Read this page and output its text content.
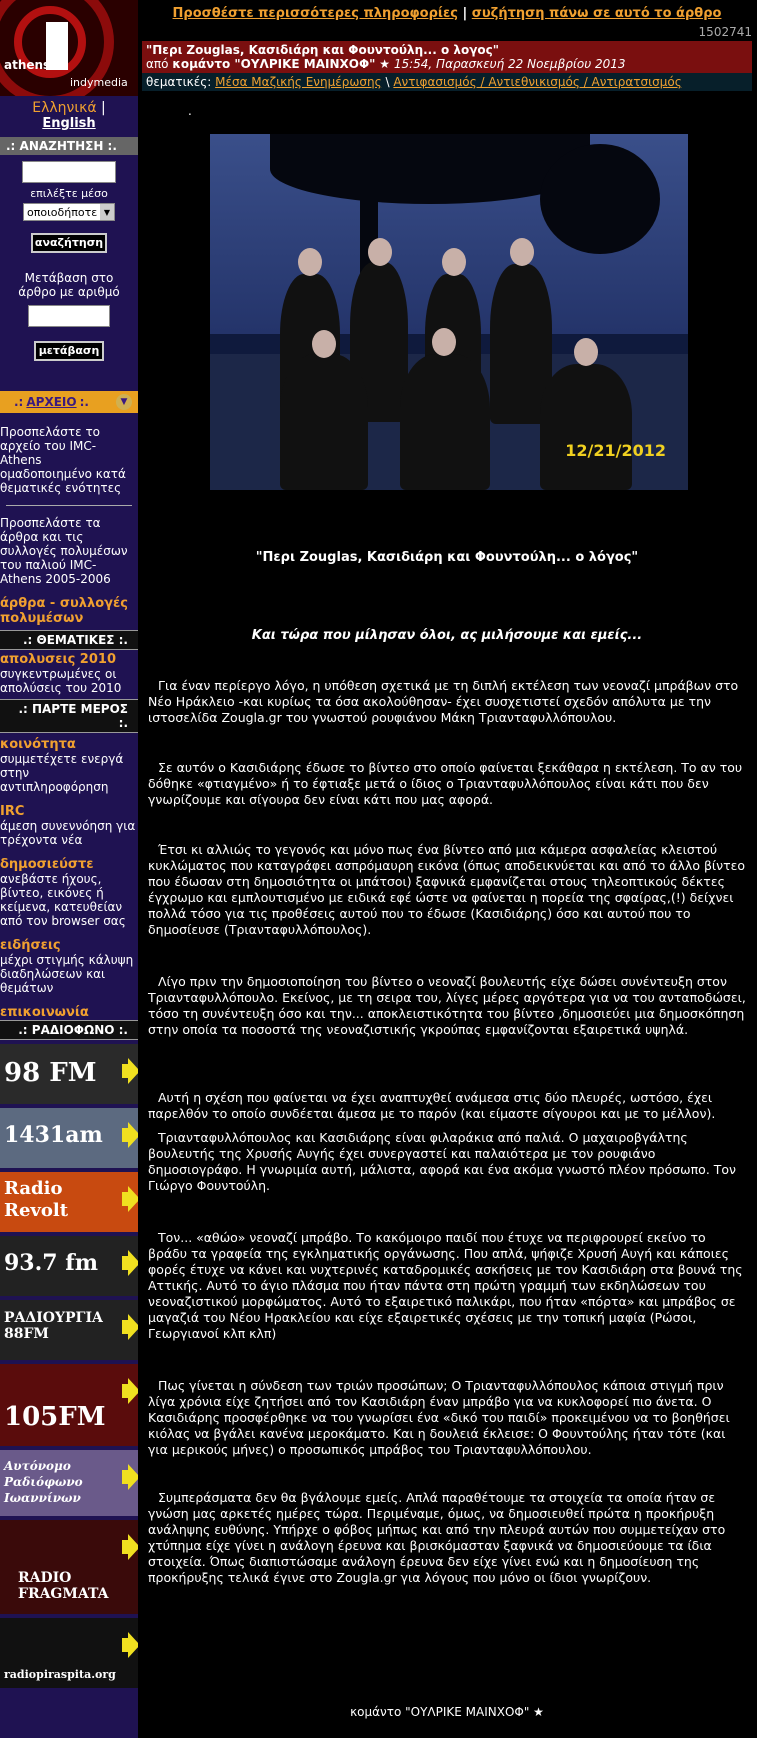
athens
indymedia
Ελληνικά |
English
.: ΑΝΑΖΗΤΗΣΗ :.
επιλέξτε μέσο
οποιοδήποτε ▼
αναζήτηση
Μετάβαση στο άρθρο με αριθμό
μετάβαση
.: ΑΡΧΕΙΟ :.	▼
Προσπελάστε το αρχείο του IMC-Athens ομαδοποιημένο κατά θεματικές ενότητες
Προσπελάστε τα άρθρα και τις συλλογές πολυμέσων του παλιού IMC-Athens 2005-2006
άρθρα - συλλογές πολυμέσων
.: ΘΕΜΑΤΙΚΕΣ :.
απολυσεις 2010
συγκεντρωμένες οι απολύσεις του 2010
.: ΠΑΡΤΕ ΜΕΡΟΣ :.
κοινότητα
συμμετέχετε ενεργά στην αντιπληροφόρηση
IRC
άμεση συνεννόηση για τρέχοντα νέα
δημοσιεύστε
ανεβάστε ήχους, βίντεο, εικόνες ή κείμενα, κατευθείαν από τον browser σας
ειδήσεις
μέχρι στιγμής κάλυψη διαδηλώσεων και θεμάτων
επικοινωνία
.: ΡΑΔΙΟΦΩΝΟ :.
98 FM
1431am
Radio Revolt
93.7 fm
ΡΑΔΙΟΥΡΓΙΑ 88FM
105FM
Αυτόνομο Ραδιόφωνο Ιωαννίνων
RADIO FRAGMATA
radiopiraspita.org
Προσθέστε περισσότερες πληροφορίες | συζήτηση πάνω σε αυτό το άρθρο
1502741
"Περι Zouglas, Κασιδιάρη και Φουντούλη... ο λογος"
από κομάντο "ΟΥΛΡΙΚΕ ΜΑΙΝΧΟΦ" ★ 15:54, Παρασκευή 22 Νοεμβρίου 2013
θεματικές: Μέσα Μαζικής Ενημέρωσης \ Αντιφασισμός / Αντιεθνικισμός / Αντιρατσισμός
.
12/21/2012
"Περι Zouglas, Κασιδιάρη και Φουντούλη... ο λόγος"
Και τώρα που μίλησαν όλοι, ας μιλήσουμε και εμείς...
Για έναν περίεργο λόγο, η υπόθεση σχετικά με τη διπλή εκτέλεση των νεοναζί μπράβων στο Νέο Ηράκλειο -και κυρίως τα όσα ακολούθησαν- έχει συσχετιστεί σχεδόν απόλυτα με την ιστοσελίδα Zougla.gr του γνωστού ρουφιάνου Μάκη Τριανταφυλλόπουλου.
Σε αυτόν ο Κασιδιάρης έδωσε το βίντεο στο οποίο φαίνεται ξεκάθαρα η εκτέλεση. Το αν του δόθηκε «φτιαγμένο» ή το έφτιαξε μετά ο ίδιος ο Τριανταφυλλόπουλος είναι κάτι που δεν γνωρίζουμε και σίγουρα δεν είναι κάτι που μας αφορά.
Έτσι κι αλλιώς το γεγονός και μόνο πως ένα βίντεο από μια κάμερα ασφαλείας κλειστού κυκλώματος που καταγράφει ασπρόμαυρη εικόνα (όπως αποδεικνύεται και από το άλλο βίντεο που έδωσαν στη δημοσιότητα οι μπάτσοι) ξαφνικά εμφανίζεται στους τηλεοπτικούς δέκτες έγχρωμο και εμπλουτισμένο με ειδικά εφέ ώστε να φαίνεται η πορεία της σφαίρας,(!) δείχνει πολλά τόσο για τις προθέσεις αυτού που το έδωσε (Κασιδιάρης) όσο και αυτού που το δημοσίευσε (Τριανταφυλλόπουλος).
Λίγο πριν την δημοσιοποίηση του βίντεο ο νεοναζί βουλευτής είχε δώσει συνέντευξη στον Τριανταφυλλόπουλο. Εκείνος, με τη σειρα του, λίγες μέρες αργότερα για να του ανταποδώσει, τόσο τη συνέντευξη όσο και την... αποκλειστικότητα του βίντεο ,δημοσιεύει μια δημοσκόπηση στην οποία τα ποσοστά της νεοναζιστικής γκρούπας εμφανίζονται εξαιρετικά υψηλά.
Αυτή η σχέση που φαίνεται να έχει αναπτυχθεί ανάμεσα στις δύο πλευρές, ωστόσο, έχει παρελθόν το οποίο συνδέεται άμεσα με το παρόν (και είμαστε σίγουροι και με το μέλλον).
Τριανταφυλλόπουλος και Κασιδιάρης είναι φιλαράκια από παλιά. Ο μαχαιροβγάλτης βουλευτής της Χρυσής Αυγής έχει συνεργαστεί και παλαιότερα με τον ρουφιάνο δημοσιογράφο. Η γνωριμία αυτή, μάλιστα, αφορά και ένα ακόμα γνωστό πλέον πρόσωπο. Τον Γιώργο Φουντούλη.
Τον... «αθώο» νεοναζί μπράβο. Το κακόμοιρο παιδί που έτυχε να περιφρουρεί εκείνο το βράδυ τα γραφεία της εγκληματικής οργάνωσης. Που απλά, ψήφιζε Χρυσή Αυγή και κάποιες φορές έτυχε να κάνει και νυχτερινές καταδρομικές ασκήσεις με τον Κασιδιάρη στα βουνά της Αττικής. Αυτό το άγιο πλάσμα που ήταν πάντα στη πρώτη γραμμή των εκδηλώσεων του νεοναζιστικού μορφώματος. Αυτό το εξαιρετικό παλικάρι, που ήταν «πόρτα» και μπράβος σε μαγαζιά του Νέου Ηρακλείου και είχε εξαιρετικές σχέσεις με την τοπική μαφία (Ρώσοι, Γεωργιανοί κλπ κλπ)
Πως γίνεται η σύνδεση των τριών προσώπων; Ο Τριανταφυλλόπουλος κάποια στιγμή πριν λίγα χρόνια είχε ζητήσει από τον Κασιδιάρη έναν μπράβο για να κυκλοφορεί πιο άνετα. Ο Κασιδιάρης προσφέρθηκε να του γνωρίσει ένα «δικό του παιδί» προκειμένου να το βοηθήσει κιόλας να βγάλει κανένα μεροκάματο. Και η δουλειά έκλεισε: Ο Φουντούλης ήταν τότε (και για μερικούς μήνες) ο προσωπικός μπράβος του Τριανταφυλλόπουλου.
Συμπεράσματα δεν θα βγάλουμε εμείς. Απλά παραθέτουμε τα στοιχεία τα οποία ήταν σε γνώση μας αρκετές ημέρες τώρα. Περιμέναμε, όμως, να δημοσιευθεί πρώτα η προκήρυξη ανάληψης ευθύνης. Υπήρχε ο φόβος μήπως και από την πλευρά αυτών που συμμετείχαν στο χτύπημα είχε γίνει η ανάλογη έρευνα και βρισκόμασταν ξαφνικά να δημοσιεύουμε τα ίδια στοιχεία. Όπως διαπιστώσαμε ανάλογη έρευνα δεν είχε γίνει ενώ και η δημοσίευση της προκήρυξης τελικά έγινε στο Zougla.gr για λόγους που μόνο οι ίδιοι γνωρίζουν.
κομάντο "ΟΥΛΡΙΚΕ ΜΑΙΝΧΟΦ" ★
